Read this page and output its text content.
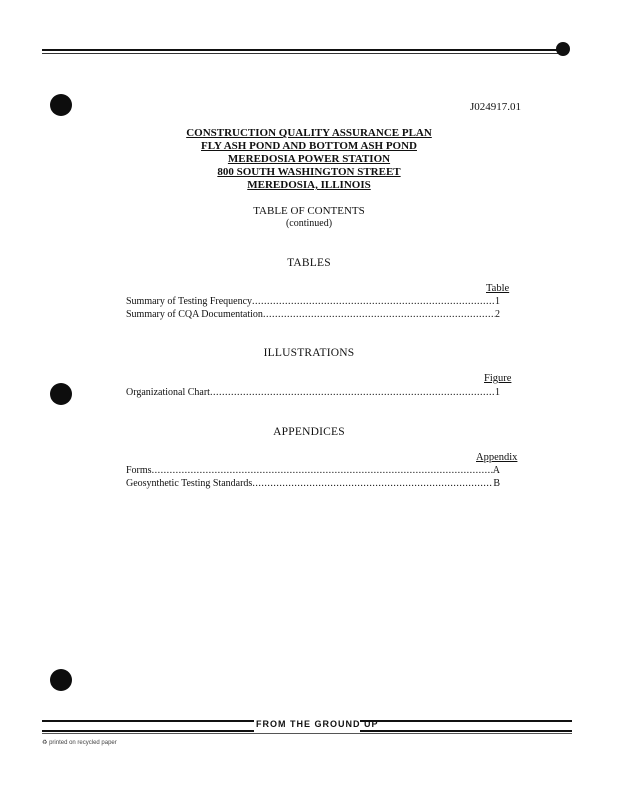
J024917.01
CONSTRUCTION QUALITY ASSURANCE PLAN
FLY ASH POND AND BOTTOM ASH POND
MEREDOSIA POWER STATION
800 SOUTH WASHINGTON STREET
MEREDOSIA, ILLINOIS
TABLE OF CONTENTS
(continued)
TABLES
Table
Summary of Testing Frequency .....	1
Summary of CQA Documentation .....	2
ILLUSTRATIONS
Figure
Organizational Chart .....	1
APPENDICES
Appendix
Forms .....	A
Geosynthetic Testing Standards .....	B
FROM THE GROUND UP
♻ printed on recycled paper
